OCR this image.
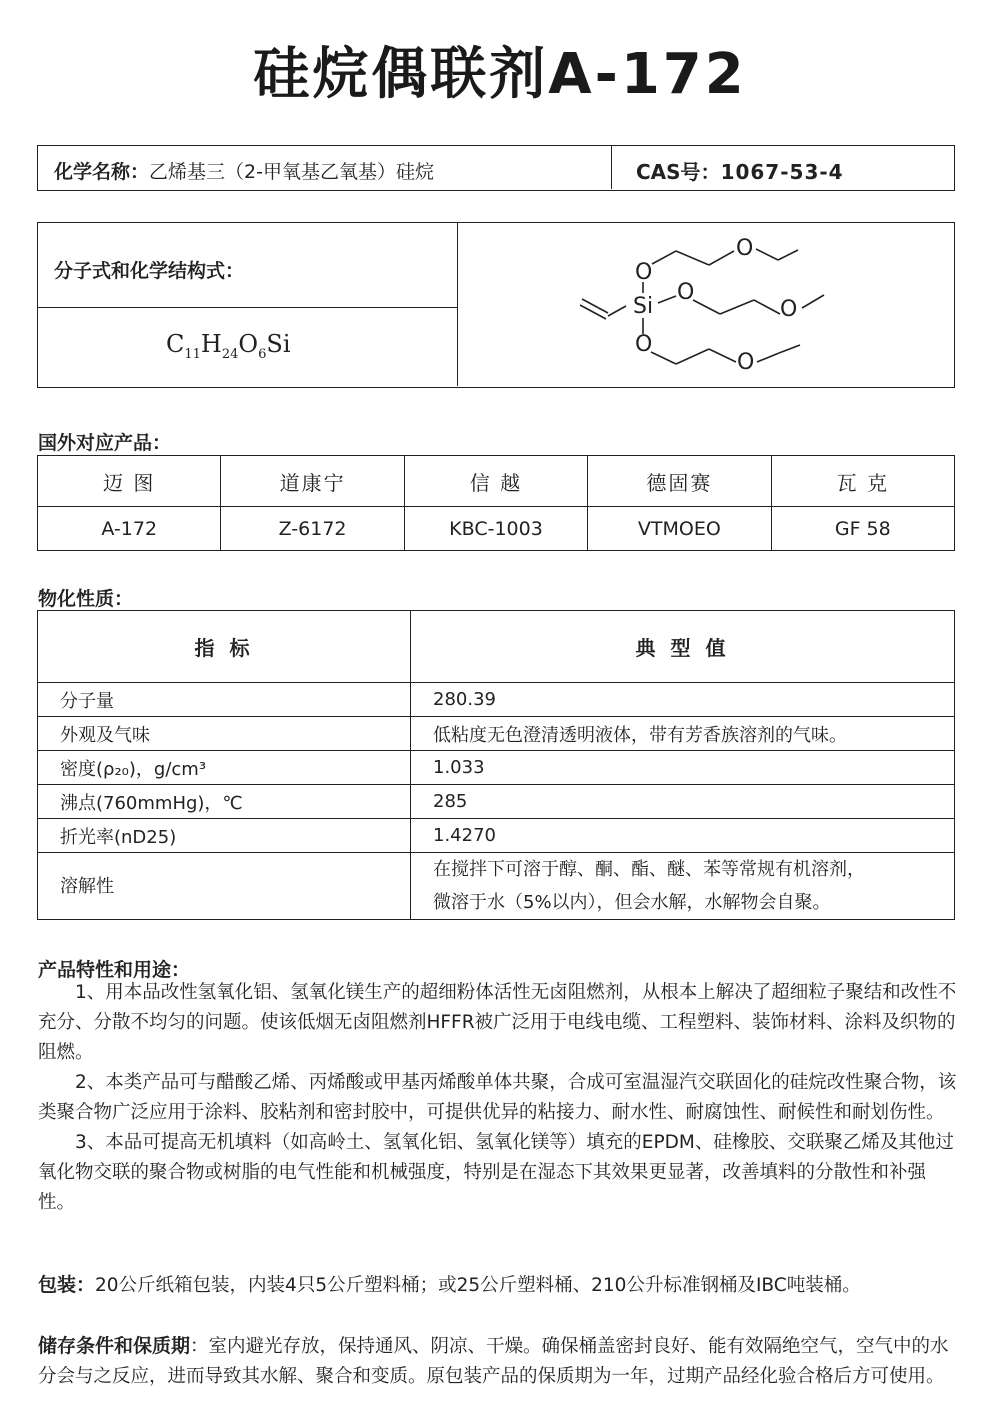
硅烷偶联剂A-172
化学名称：乙烯基三（2-甲氧基乙氧基）硅烷	CAS号：1067-53-4
分子式和化学结构式：
$C_{11}H_{24}O_6Si$
Si
O
O
O
O
O
O
国外对应产品：
迈 图	道康宁	信 越	德固赛	瓦 克
A-172	Z-6172	KBC-1003	VTMOEO	GF 58
物化性质：
指 标	典 型 值
分子量	280.39
外观及气味	低粘度无色澄清透明液体，带有芳香族溶剂的气味。
密度(ρ₂₀)，g/cm³	1.033
沸点(760mmHg)，℃	285
折光率(nD25)	1.4270
溶解性	在搅拌下可溶于醇、酮、酯、醚、苯等常规有机溶剂，
微溶于水（5%以内），但会水解，水解物会自聚。
产品特性和用途：

1、用本品改性氢氧化铝、氢氧化镁生产的超细粉体活性无卤阻燃剂，从根本上解决了超细粒子聚结和改性不充分、分散不均匀的问题。使该低烟无卤阻燃剂HFFR被广泛用于电线电缆、工程塑料、装饰材料、涂料及织物的阻燃。

2、本类产品可与醋酸乙烯、丙烯酸或甲基丙烯酸单体共聚，合成可室温湿汽交联固化的硅烷改性聚合物，该类聚合物广泛应用于涂料、胶粘剂和密封胶中，可提供优异的粘接力、耐水性、耐腐蚀性、耐候性和耐划伤性。

3、本品可提高无机填料（如高岭土、氢氧化铝、氢氧化镁等）填充的EPDM、硅橡胶、交联聚乙烯及其他过氧化物交联的聚合物或树脂的电气性能和机械强度，特别是在湿态下其效果更显著，改善填料的分散性和补强性。

包装：20公斤纸箱包装，内装4只5公斤塑料桶；或25公斤塑料桶、210公升标准钢桶及IBC吨装桶。
储存条件和保质期：室内避光存放，保持通风、阴凉、干燥。确保桶盖密封良好、能有效隔绝空气，空气中的水分会与之反应，进而导致其水解、聚合和变质。原包装产品的保质期为一年，过期产品经化验合格后方可使用。
